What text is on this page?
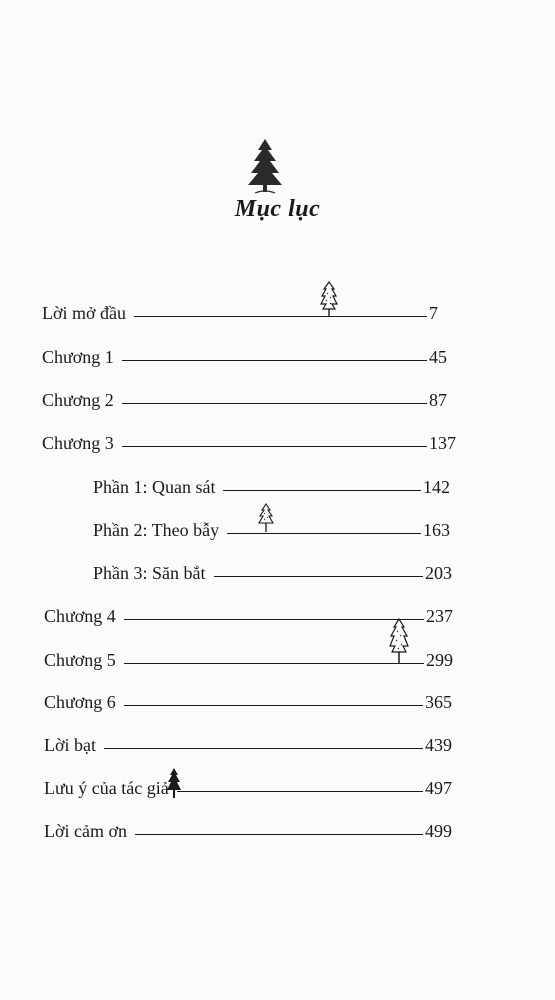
Mục lục
Lời mở đầu	7
Chương 1	45
Chương 2	87
Chương 3	137
Phần 1: Quan sát	142
Phần 2: Theo bẫy	163
Phần 3: Săn bắt	203
Chương 4	237
Chương 5	299
Chương 6	365
Lời bạt	439
Lưu ý của tác giả	497
Lời cảm ơn	499
